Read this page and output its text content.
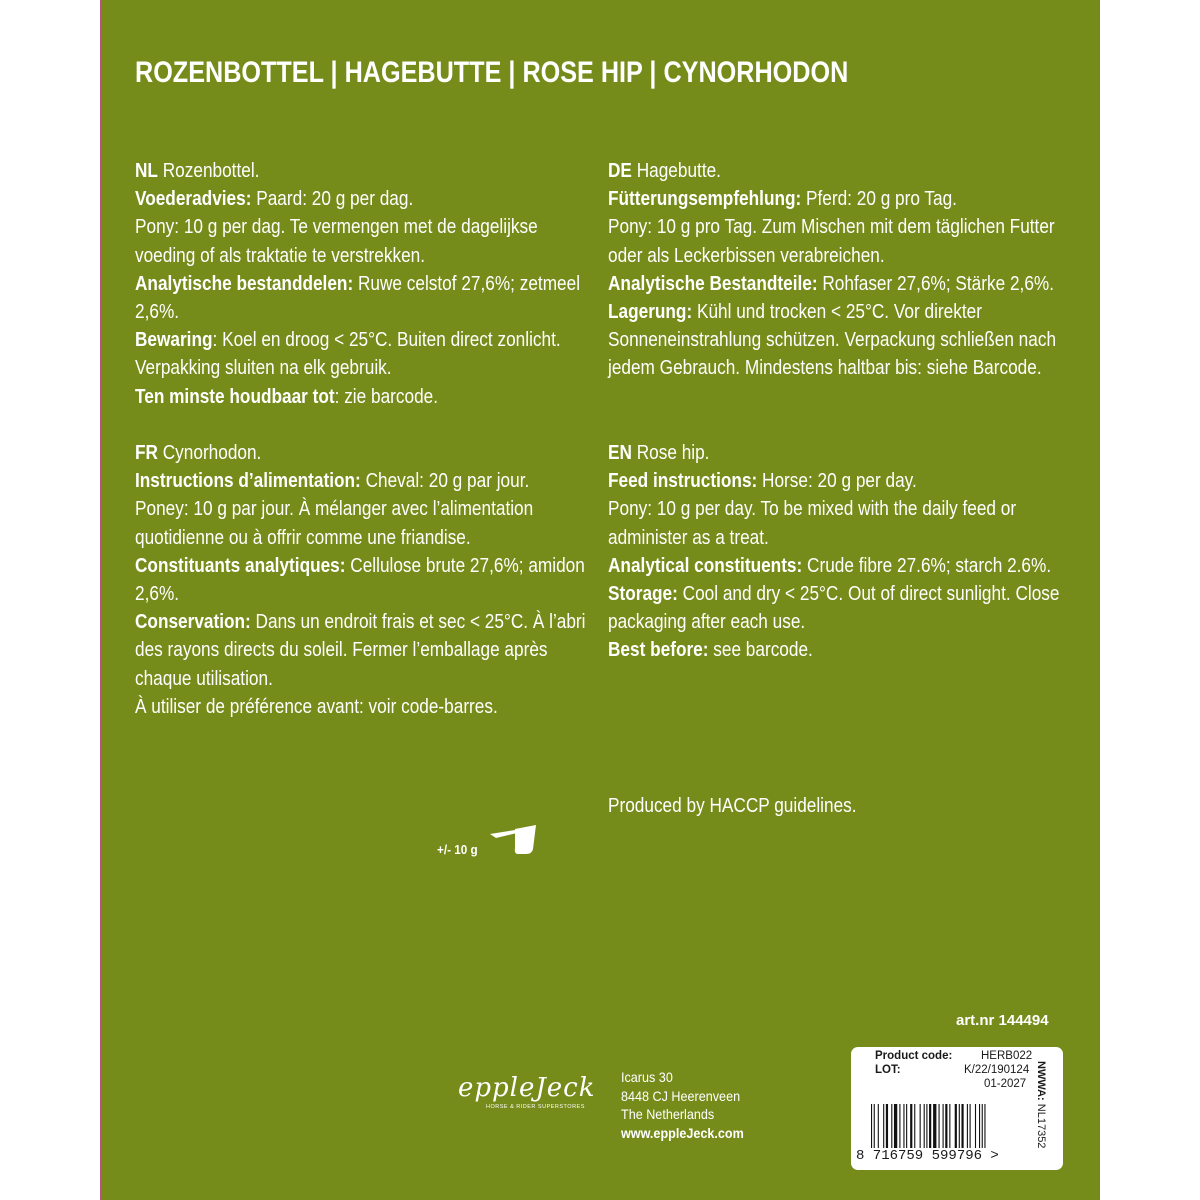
ROZENBOTTEL | HAGEBUTTE | ROSE HIP | CYNORHODON

NL Rozenbottel.

Voederadvies: Paard: 20 g per dag.

Pony: 10 g per dag. Te vermengen met de dagelijkse voeding of als traktatie te verstrekken.

Analytische bestanddelen: Ruwe celstof 27,6%; zetmeel 2,6%.

Bewaring: Koel en droog < 25°C. Buiten direct zonlicht. Verpakking sluiten na elk gebruik.

Ten minste houdbaar tot: zie barcode.

FR Cynorhodon.

Instructions d’alimentation: Cheval: 20 g par jour.

Poney: 10 g par jour. À mélanger avec l’alimentation quotidienne ou à offrir comme une friandise.

Constituants analytiques: Cellulose brute 27,6%; amidon 2,6%.

Conservation: Dans un endroit frais et sec < 25°C. À l’abri des rayons directs du soleil. Fermer l’emballage après chaque utilisation.

À utiliser de préférence avant: voir code-barres.

DE Hagebutte.

Fütterungsempfehlung: Pferd: 20 g pro Tag.

Pony: 10 g pro Tag. Zum Mischen mit dem täglichen Futter oder als Leckerbissen verabreichen.

Analytische Bestandteile: Rohfaser 27,6%; Stärke 2,6%. Lagerung: Kühl und trocken < 25°C. Vor direkter Sonneneinstrahlung schützen. Verpackung schließen nach jedem Gebrauch. Mindestens haltbar bis: siehe Barcode.

EN Rose hip.

Feed instructions: Horse: 20 g per day.

Pony: 10 g per day. To be mixed with the daily feed or administer as a treat.

Analytical constituents: Crude fibre 27.6%; starch 2.6%. Storage: Cool and dry < 25°C. Out of direct sunlight. Close packaging after each use.

Best before: see barcode.

Produced by HACCP guidelines.
+/- 10 g
art.nr 144494
eppleJeck
HORSE & RIDER SUPERSTORES
Icarus 30
8448 CJ Heerenveen
The Netherlands
www.eppleJeck.com
Product code: HERB022
LOT:	K/22/190124
01-2027 NWWA: NL17352
8 716759 599796 >
